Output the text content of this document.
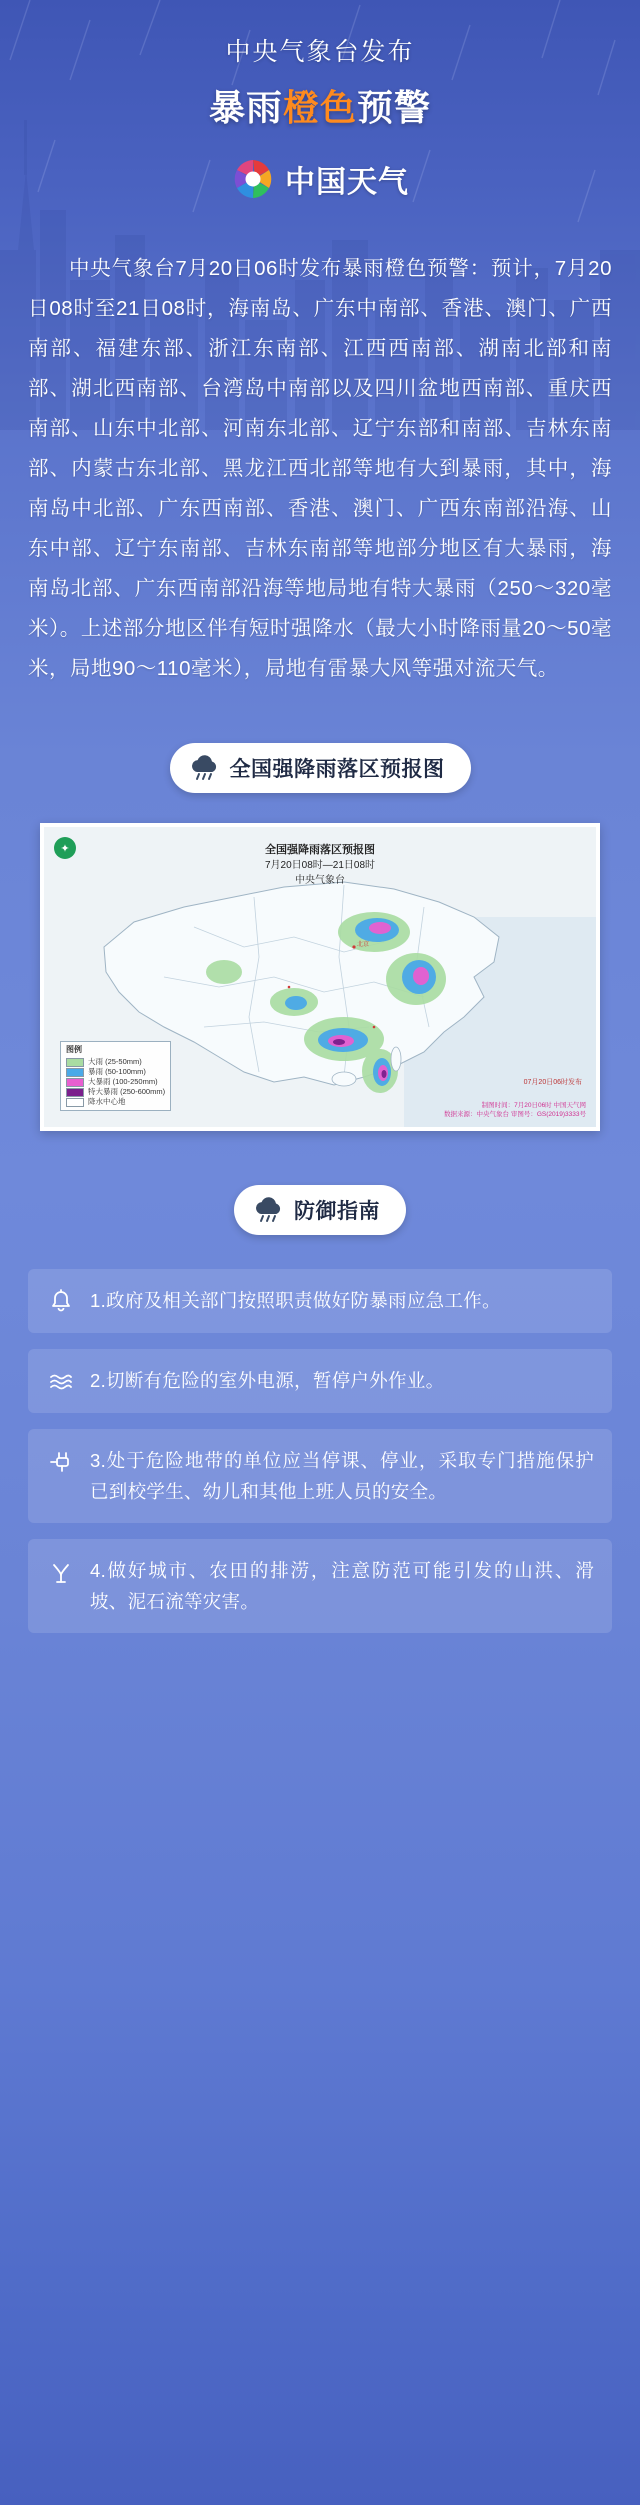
中央气象台发布
暴雨橙色预警
中国天气
中央气象台7月20日06时发布暴雨橙色预警：预计，7月20日08时至21日08时，海南岛、广东中南部、香港、澳门、广西南部、福建东部、浙江东南部、江西西南部、湖南北部和南部、湖北西南部、台湾岛中南部以及四川盆地西南部、重庆西南部、山东中北部、河南东北部、辽宁东部和南部、吉林东南部、内蒙古东北部、黑龙江西北部等地有大到暴雨，其中，海南岛中北部、广东西南部、香港、澳门、广西东南部沿海、山东中部、辽宁东南部、吉林东南部等地部分地区有大暴雨，海南岛北部、广东西南部沿海等地局地有特大暴雨（250～320毫米）。上述部分地区伴有短时强降水（最大小时降雨量20～50毫米，局地90～110毫米），局地有雷暴大风等强对流天气。
全国强降雨落区预报图
北京
✦	全国强降雨落区预报图
7月20日08时—21日08时
中央气象台
图例
大雨 (25-50mm)
暴雨 (50-100mm)
大暴雨 (100-250mm)
特大暴雨 (250-600mm)
降水中心地
07月20日06时发布
制图时间：7月20日06时 中国天气网
数据来源：中央气象台 审图号：GS(2019)3333号
防御指南
1.政府及相关部门按照职责做好防暴雨应急工作。
2.切断有危险的室外电源，暂停户外作业。
3.处于危险地带的单位应当停课、停业，采取专门措施保护已到校学生、幼儿和其他上班人员的安全。
4.做好城市、农田的排涝，注意防范可能引发的山洪、滑坡、泥石流等灾害。
